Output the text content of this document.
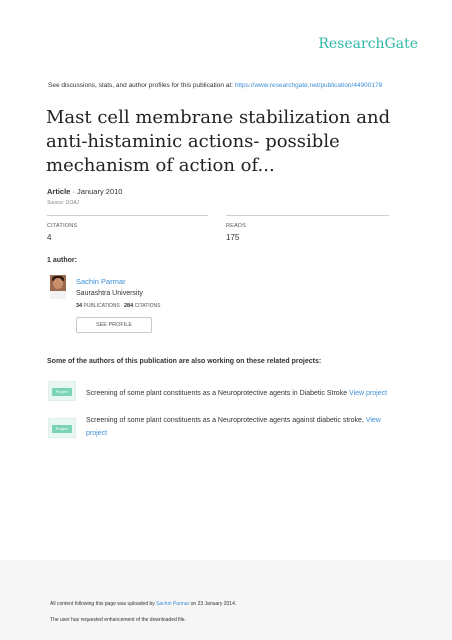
ResearchGate
See discussions, stats, and author profiles for this publication at: https://www.researchgate.net/publication/44900178
Mast cell membrane stabilization and anti-histaminic actions- possible mechanism of action of...
Article · January 2010
Source: DOAJ
CITATIONS
4
READS
175
1 author:
Sachin Parmar
Saurashtra University
34 PUBLICATIONS 284 CITATIONS
SEE PROFILE
Some of the authors of this publication are also working on these related projects:
Project	Screening of some plant constituents as a Neuroprotective agents in Diabetic Stroke View project
Project
Screening of some plant constituents as a Neuroprotective agents against diabetic stroke. View project
All content following this page was uploaded by Sachin Parmar on 23 January 2014.
The user has requested enhancement of the downloaded file.
